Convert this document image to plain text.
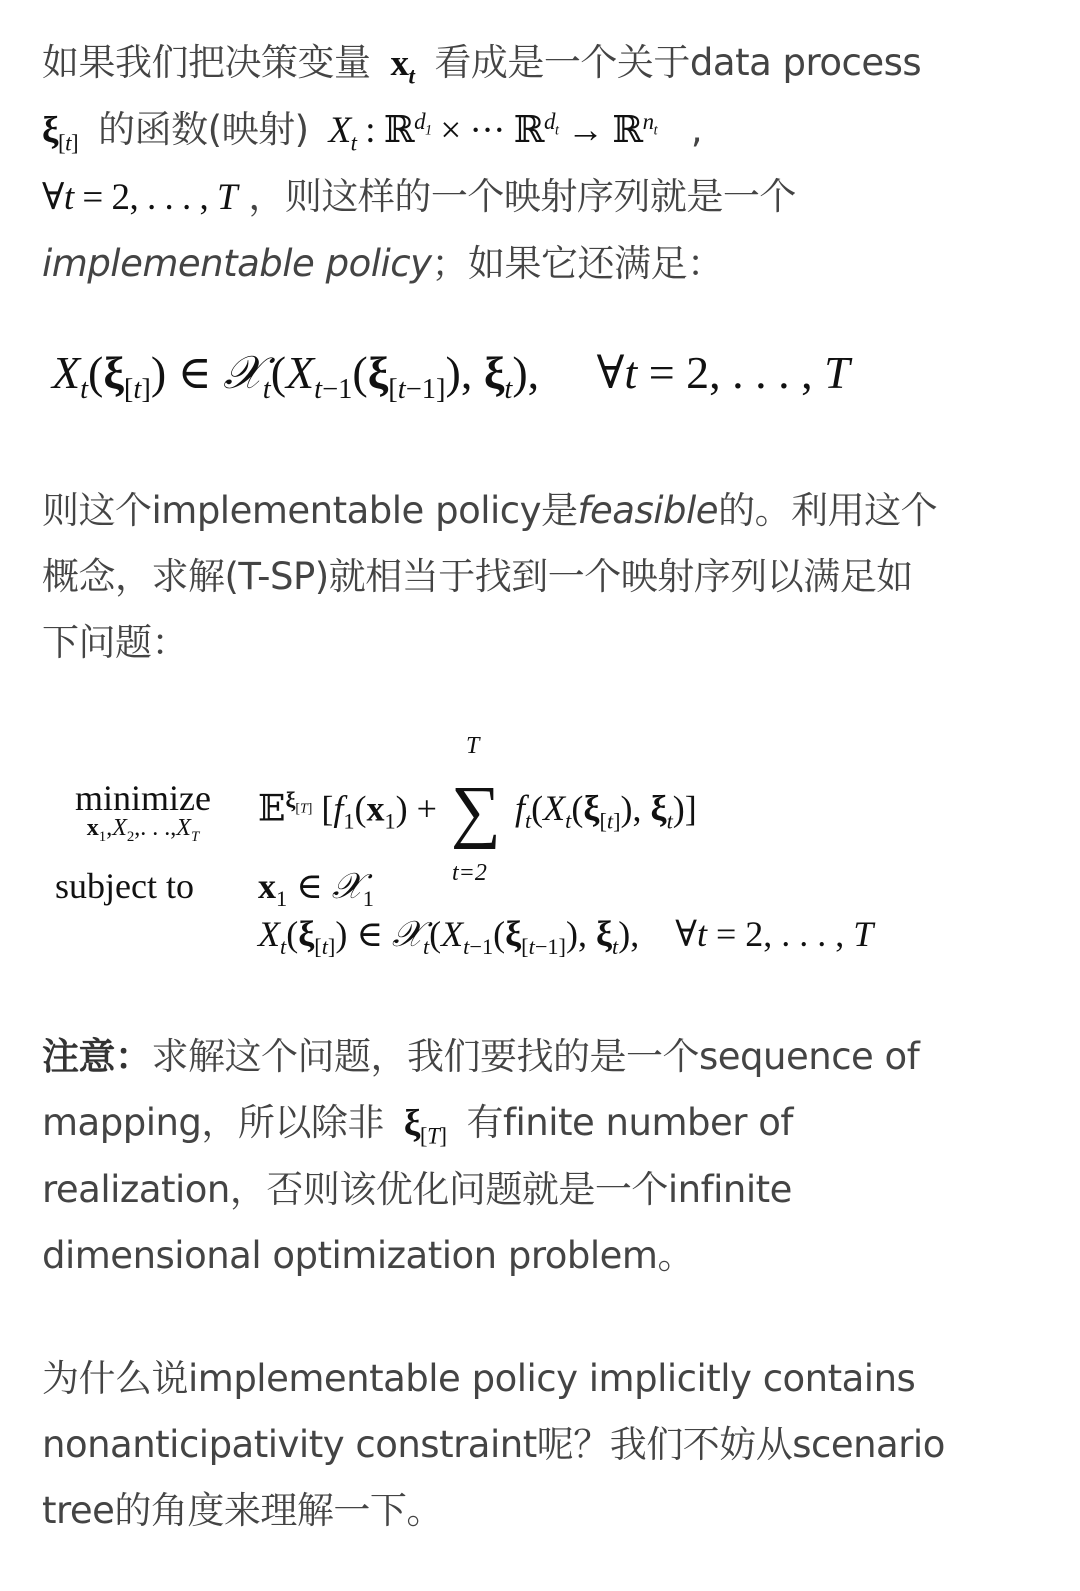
如果我们把决策变量  $x_t$ 看成是一个关于data process
$\xi_{[t]}$ 的函数(映射)  $X_t$ : ℝ$^{d_1}$ × ··· ℝ$^{d_t}$ → ℝ$^{n_t}$   ,
∀t = 2, . . . , T ，则这样的一个映射序列就是一个
implementable policy；如果它还满足：
$X_t(\xi_{[t]})$ ∈ $𝒳_t(X_{t-1}(\xi_{[t-1]})$, $\xi_t$),     ∀t = 2, . . . , T
则这个implementable policy是feasible的。利用这个
概念，求解(T-SP)就相当于找到一个映射序列以满足如
下问题：
minimize
$x_1,X_2$,. . $.,X_T$
𝔼$^{\xi_{[T]}}$ [$f_1(x_1)$ +
T
∑
t=2
$f_t(X_t(\xi_{[t]})$, $\xi_t$)]
subject to $x_1$ ∈ 𝒳$_1$
$X_t(\xi_{[t]})$ ∈ $𝒳_t(X_{t-1}(\xi_{[t-1]})$, $\xi_t$),    ∀t = 2, . . . , T
注意：求解这个问题，我们要找的是一个sequence of
mapping，所以除非  $\xi_{[T]}$ 有finite number of
realization，否则该优化问题就是一个infinite
dimensional optimization problem。
为什么说implementable policy implicitly contains
nonanticipativity constraint呢？我们不妨从scenario
tree的角度来理解一下。
